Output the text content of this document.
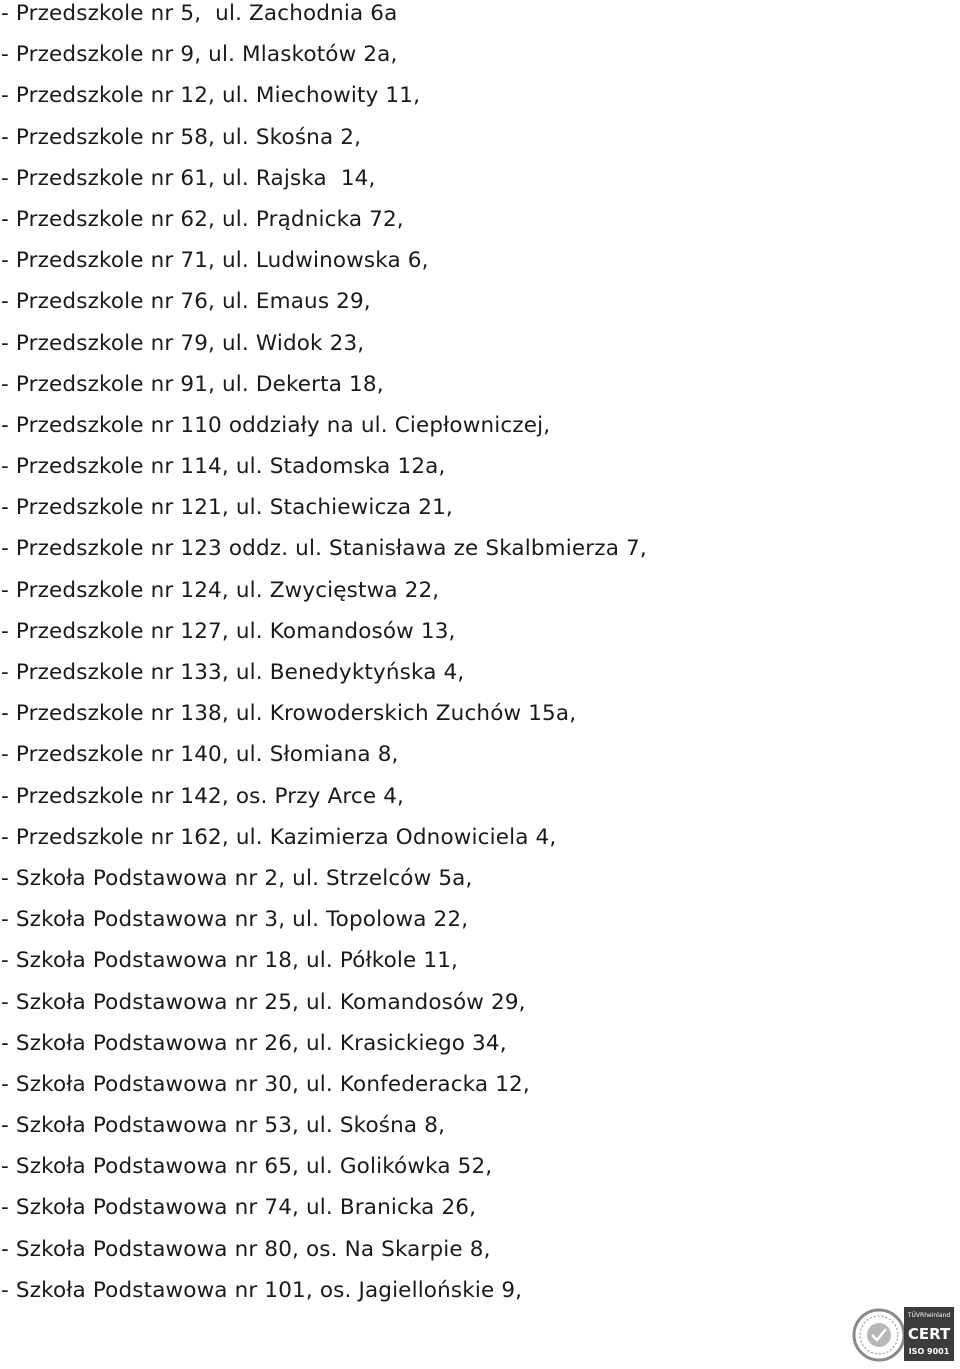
- Przedszkole nr 5,  ul. Zachodnia 6a
- Przedszkole nr 9, ul. Mlaskotów 2a,
- Przedszkole nr 12, ul. Miechowity 11,
- Przedszkole nr 58, ul. Skośna 2,
- Przedszkole nr 61, ul. Rajska  14,
- Przedszkole nr 62, ul. Prądnicka 72,
- Przedszkole nr 71, ul. Ludwinowska 6,
- Przedszkole nr 76, ul. Emaus 29,
- Przedszkole nr 79, ul. Widok 23,
- Przedszkole nr 91, ul. Dekerta 18,
- Przedszkole nr 110 oddziały na ul. Ciepłowniczej,
- Przedszkole nr 114, ul. Stadomska 12a,
- Przedszkole nr 121, ul. Stachiewicza 21,
- Przedszkole nr 123 oddz. ul. Stanisława ze Skalbmierza 7,
- Przedszkole nr 124, ul. Zwycięstwa 22,
- Przedszkole nr 127, ul. Komandosów 13,
- Przedszkole nr 133, ul. Benedyktyńska 4,
- Przedszkole nr 138, ul. Krowoderskich Zuchów 15a,
- Przedszkole nr 140, ul. Słomiana 8,
- Przedszkole nr 142, os. Przy Arce 4,
- Przedszkole nr 162, ul. Kazimierza Odnowiciela 4,
- Szkoła Podstawowa nr 2, ul. Strzelców 5a,
- Szkoła Podstawowa nr 3, ul. Topolowa 22,
- Szkoła Podstawowa nr 18, ul. Półkole 11,
- Szkoła Podstawowa nr 25, ul. Komandosów 29,
- Szkoła Podstawowa nr 26, ul. Krasickiego 34,
- Szkoła Podstawowa nr 30, ul. Konfederacka 12,
- Szkoła Podstawowa nr 53, ul. Skośna 8,
- Szkoła Podstawowa nr 65, ul. Golikówka 52,
- Szkoła Podstawowa nr 74, ul. Branicka 26,
- Szkoła Podstawowa nr 80, os. Na Skarpie 8,
- Szkoła Podstawowa nr 101, os. Jagiellońskie 9,
TÜVRheinland
CERT
ISO 9001
